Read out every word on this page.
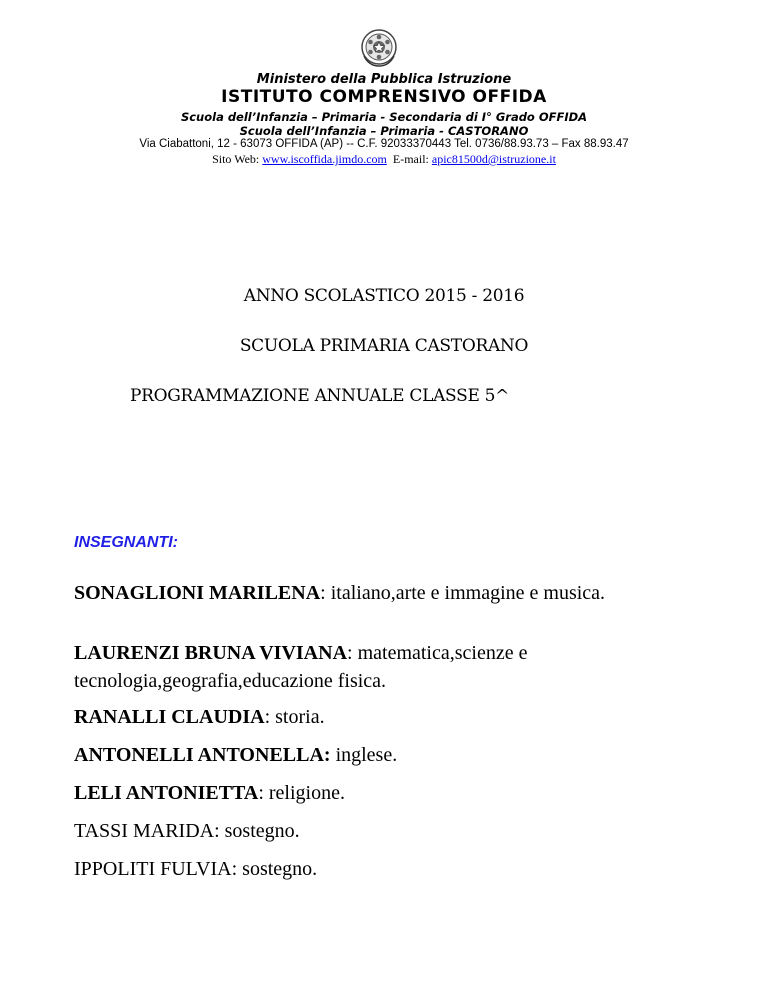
Ministero della Pubblica Istruzione
ISTITUTO COMPRENSIVO OFFIDA
Scuola dell’Infanzia – Primaria - Secondaria di I° Grado OFFIDA
Scuola dell’Infanzia – Primaria - CASTORANO
Via Ciabattoni, 12 - 63073 OFFIDA (AP) -- C.F. 92033370443 Tel. 0736/88.93.73 – Fax 88.93.47
Sito Web: www.iscoffida.jimdo.com E-mail: apic81500d@istruzione.it
ANNO SCOLASTICO 2015 - 2016
SCUOLA PRIMARIA CASTORANO
PROGRAMMAZIONE ANNUALE CLASSE 5^
INSEGNANTI:
SONAGLIONI MARILENA: italiano,arte e immagine e musica.
LAURENZI BRUNA VIVIANA: matematica,scienze e tecnologia,geografia,educazione fisica.
RANALLI CLAUDIA: storia.
ANTONELLI ANTONELLA: inglese.
LELI ANTONIETTA: religione.
TASSI MARIDA: sostegno.
IPPOLITI FULVIA: sostegno.
